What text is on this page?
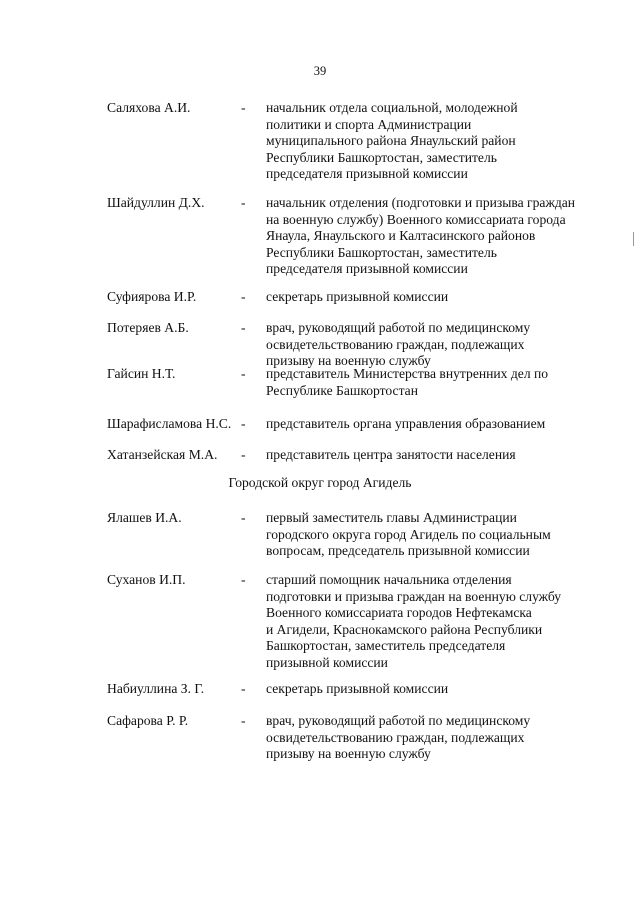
39
Саляхова А.И.	- начальник отдела социальной, молодежной
политики и спорта Администрации
муниципального района Янаульский район
Республики Башкортостан, заместитель
председателя призывной комиссии
Шайдуллин Д.Х.	- начальник отделения (подготовки и призыва граждан
на военную службу) Военного комиссариата города
Янаула, Янаульского и Калтасинского районов
Республики Башкортостан, заместитель
председателя призывной комиссии
Суфиярова И.Р.	- секретарь призывной комиссии
Потеряев А.Б.	- врач, руководящий работой по медицинскому
освидетельствованию граждан, подлежащих
призыву на военную службу
Гайсин Н.Т.	- представитель Министерства внутренних дел по
Республике Башкортостан
Шарафисламова Н.С. - представитель органа управления образованием
Хатанзейская М.А. - представитель центра занятости населения
Городской округ город Агидель
Ялашев И.А.	- первый заместитель главы Администрации
городского округа город Агидель по социальным
вопросам, председатель призывной комиссии
Суханов И.П.	- старший помощник начальника отделения
подготовки и призыва граждан на военную службу
Военного комиссариата городов Нефтекамска
и Агидели, Краснокамского района Республики
Башкортостан, заместитель председателя
призывной комиссии
Набиуллина З. Г.	- секретарь призывной комиссии
Сафарова Р. Р.	- врач, руководящий работой по медицинскому
освидетельствованию граждан, подлежащих
призыву на военную службу
